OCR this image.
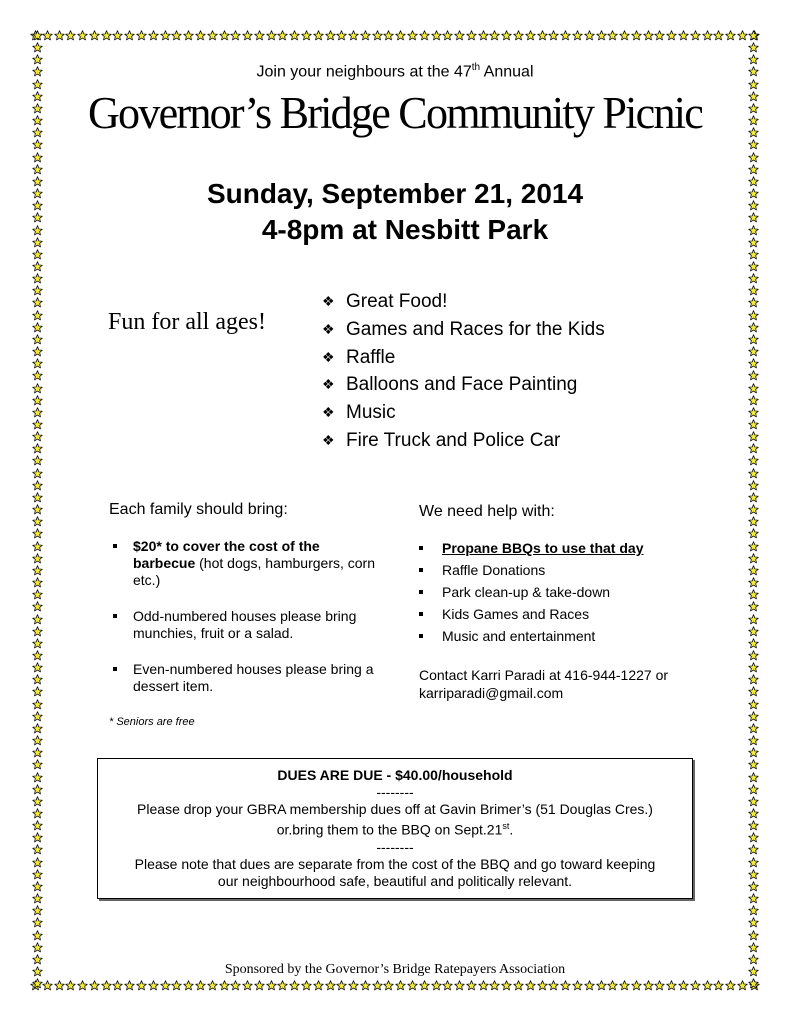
Join your neighbours at the 47th Annual
Governor’s Bridge Community Picnic
Sunday, September 21, 2014
4-8pm at Nesbitt Park
Fun for all ages!
❖ Great Food!
❖ Games and Races for the Kids
❖ Raffle
❖ Balloons and Face Painting
❖ Music
❖ Fire Truck and Police Car
Each family should bring:
$20* to cover the cost of the barbecue (hot dogs, hamburgers, corn etc.)
Odd-numbered houses please bring munchies, fruit or a salad.
Even-numbered houses please bring a dessert item.
* Seniors are free
We need help with:
Propane BBQs to use that day
Raffle Donations
Park clean-up & take-down
Kids Games and Races
Music and entertainment
Contact Karri Paradi at 416-944-1227 or
karriparadi@gmail.com
DUES ARE DUE - $40.00/household
--------
Please drop your GBRA membership dues off at Gavin Brimer’s (51 Douglas Cres.)
or.bring them to the BBQ on Sept.21st.
--------
Please note that dues are separate from the cost of the BBQ and go toward keeping
our neighbourhood safe, beautiful and politically relevant.
Sponsored by the Governor’s Bridge Ratepayers Association
